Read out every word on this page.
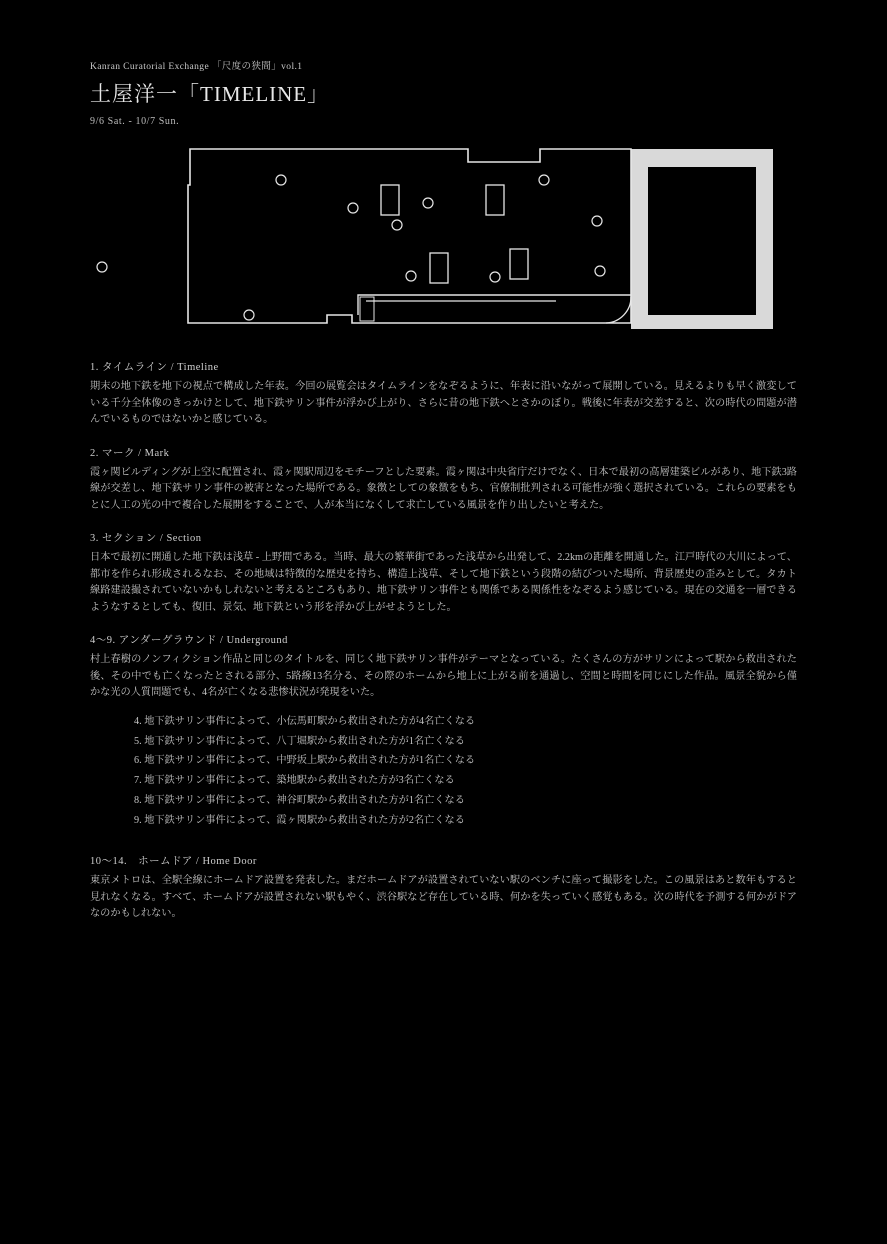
Kanran Curatorial Exchange 「尺度の狭間」vol.1

土屋洋一「TIMELINE」

9/6 Sat. - 10/7 Sun.

1. タイムライン / Timeline

期末の地下鉄を地下の視点で構成した年表。今回の展覧会はタイムラインをなぞるように、年表に沿いながって展開している。見えるよりも早く激変している千分全体像のきっかけとして、地下鉄サリン事件が浮かび上がり、さらに昔の地下鉄へとさかのぼり。戦後に年表が交差すると、次の時代の問題が潜んでいるものではないかと感じている。

2. マーク / Mark

霞ヶ関ビルディングが上空に配置され、霞ヶ関駅周辺をモチーフとした要素。霞ヶ関は中央省庁だけでなく、日本で最初の高層建築ビルがあり、地下鉄3路線が交差し、地下鉄サリン事件の被害となった場所である。象徴としての象徴をもち、官僚制批判される可能性が強く選択されている。これらの要素をもとに人工の光の中で複合した展開をすることで、人が本当になくして求亡している風景を作り出したいと考えた。

3. セクション / Section

日本で最初に開通した地下鉄は浅草 - 上野間である。当時、最大の繁華街であった浅草から出発して、2.2kmの距離を開通した。江戸時代の大川によって、都市を作られ形成されるなお、その地域は特徴的な歴史を持ち、構造上浅草、そして地下鉄という段階の結びついた場所、背景歴史の歪みとして。タカト線路建設撮されていないかもしれないと考えるところもあり、地下鉄サリン事件とも関係である関係性をなぞるよう感じている。現在の交通を一層できるようなするとしても、復旧、景気、地下鉄という形を浮かび上がせようとした。

4〜9. アンダーグラウンド / Underground

村上春樹のノンフィクション作品と同じのタイトルを、同じく地下鉄サリン事件がテーマとなっている。たくさんの方がサリンによって駅から救出された後、その中でも亡くなったとされる部分、5路線13名分る、その際のホームから地上に上がる前を通過し、空間と時間を同じにした作品。風景全貌から僅かな光の人質問題でも、4名が亡くなる悲惨状況が発現をいた。

4. 地下鉄サリン事件によって、小伝馬町駅から救出された方が4名亡くなる
5. 地下鉄サリン事件によって、八丁堀駅から救出された方が1名亡くなる
6. 地下鉄サリン事件によって、中野坂上駅から救出された方が1名亡くなる
7. 地下鉄サリン事件によって、築地駅から救出された方が3名亡くなる
8. 地下鉄サリン事件によって、神谷町駅から救出された方が1名亡くなる
9. 地下鉄サリン事件によって、霞ヶ関駅から救出された方が2名亡くなる
10〜14.　ホームドア / Home Door

東京メトロは、全駅全線にホームドア設置を発表した。まだホームドアが設置されていない駅のベンチに座って撮影をした。この風景はあと数年もすると見れなくなる。すべて、ホームドアが設置されない駅もやく、渋谷駅など存在している時、何かを失っていく感覚もある。次の時代を予測する何かがドアなのかもしれない。
